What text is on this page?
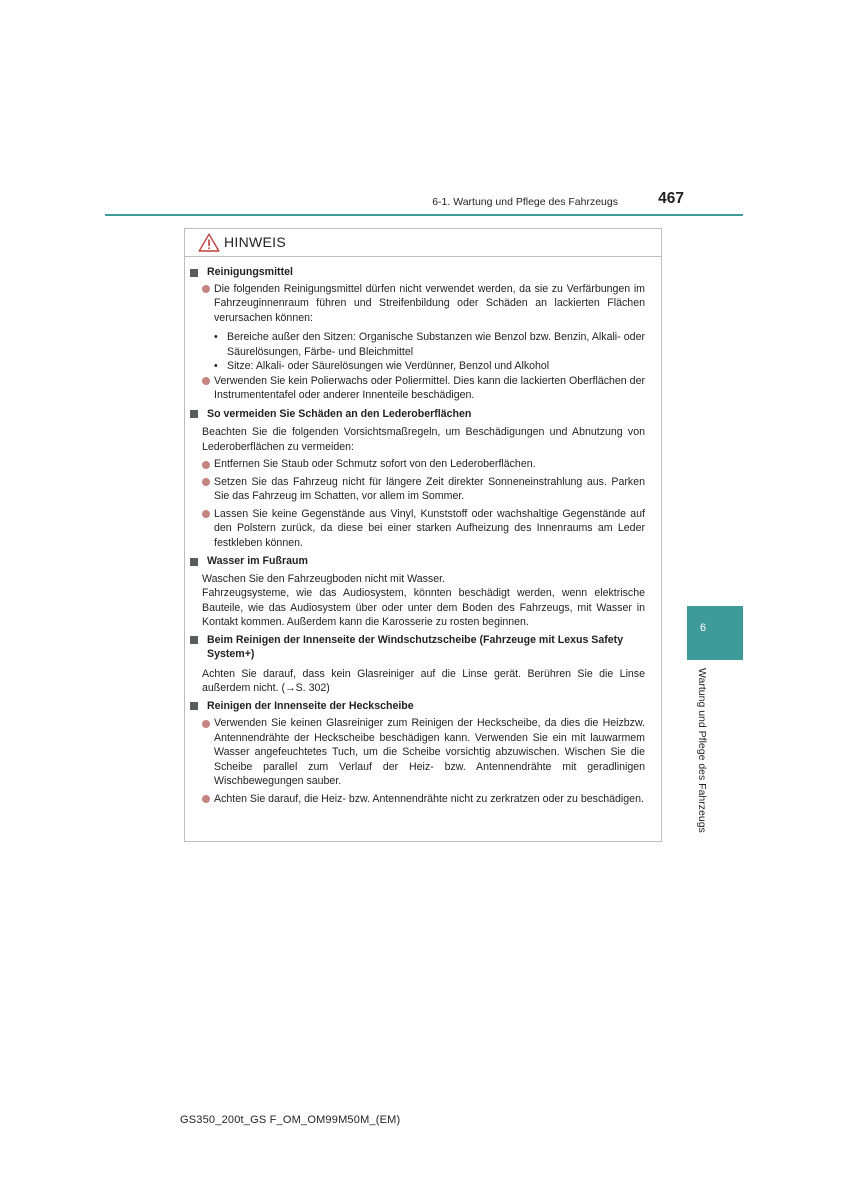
6-1. Wartung und Pflege des Fahrzeugs	467
6
Wartung und Pflege des Fahrzeugs
HINWEIS
Reinigungsmittel
Die folgenden Reinigungsmittel dürfen nicht verwendet werden, da sie zu Verfärbungen im Fahrzeuginnenraum führen und Streifenbildung oder Schäden an lackierten Flächen verursachen können:
• Bereiche außer den Sitzen: Organische Substanzen wie Benzol bzw. Benzin, Alkali- oder Säurelösungen, Färbe- und Bleichmittel
• Sitze: Alkali- oder Säurelösungen wie Verdünner, Benzol und Alkohol
Verwenden Sie kein Polierwachs oder Poliermittel. Dies kann die lackierten Oberflächen der Instrumententafel oder anderer Innenteile beschädigen.
So vermeiden Sie Schäden an den Lederoberflächen
Beachten Sie die folgenden Vorsichtsmaßregeln, um Beschädigungen und Abnutzung von Lederoberflächen zu vermeiden:
Entfernen Sie Staub oder Schmutz sofort von den Lederoberflächen.
Setzen Sie das Fahrzeug nicht für längere Zeit direkter Sonneneinstrahlung aus. Parken Sie das Fahrzeug im Schatten, vor allem im Sommer.
Lassen Sie keine Gegenstände aus Vinyl, Kunststoff oder wachshaltige Gegenstände auf den Polstern zurück, da diese bei einer starken Aufheizung des Innenraums am Leder festkleben können.
Wasser im Fußraum
Waschen Sie den Fahrzeugboden nicht mit Wasser.
Fahrzeugsysteme, wie das Audiosystem, könnten beschädigt werden, wenn elektrische Bauteile, wie das Audiosystem über oder unter dem Boden des Fahrzeugs, mit Wasser in Kontakt kommen. Außerdem kann die Karosserie zu rosten beginnen.
Beim Reinigen der Innenseite der Windschutzscheibe (Fahrzeuge mit Lexus Safety System+)
Achten Sie darauf, dass kein Glasreiniger auf die Linse gerät. Berühren Sie die Linse außerdem nicht. (→S. 302)
Reinigen der Innenseite der Heckscheibe
Verwenden Sie keinen Glasreiniger zum Reinigen der Heckscheibe, da dies die Heizbzw. Antennendrähte der Heckscheibe beschädigen kann. Verwenden Sie ein mit lauwarmem Wasser angefeuchtetes Tuch, um die Scheibe vorsichtig abzuwischen. Wischen Sie die Scheibe parallel zum Verlauf der Heiz- bzw. Antennendrähte mit geradlinigen Wischbewegungen sauber.
Achten Sie darauf, die Heiz- bzw. Antennendrähte nicht zu zerkratzen oder zu beschädigen.
GS350_200t_GS F_OM_OM99M50M_(EM)
